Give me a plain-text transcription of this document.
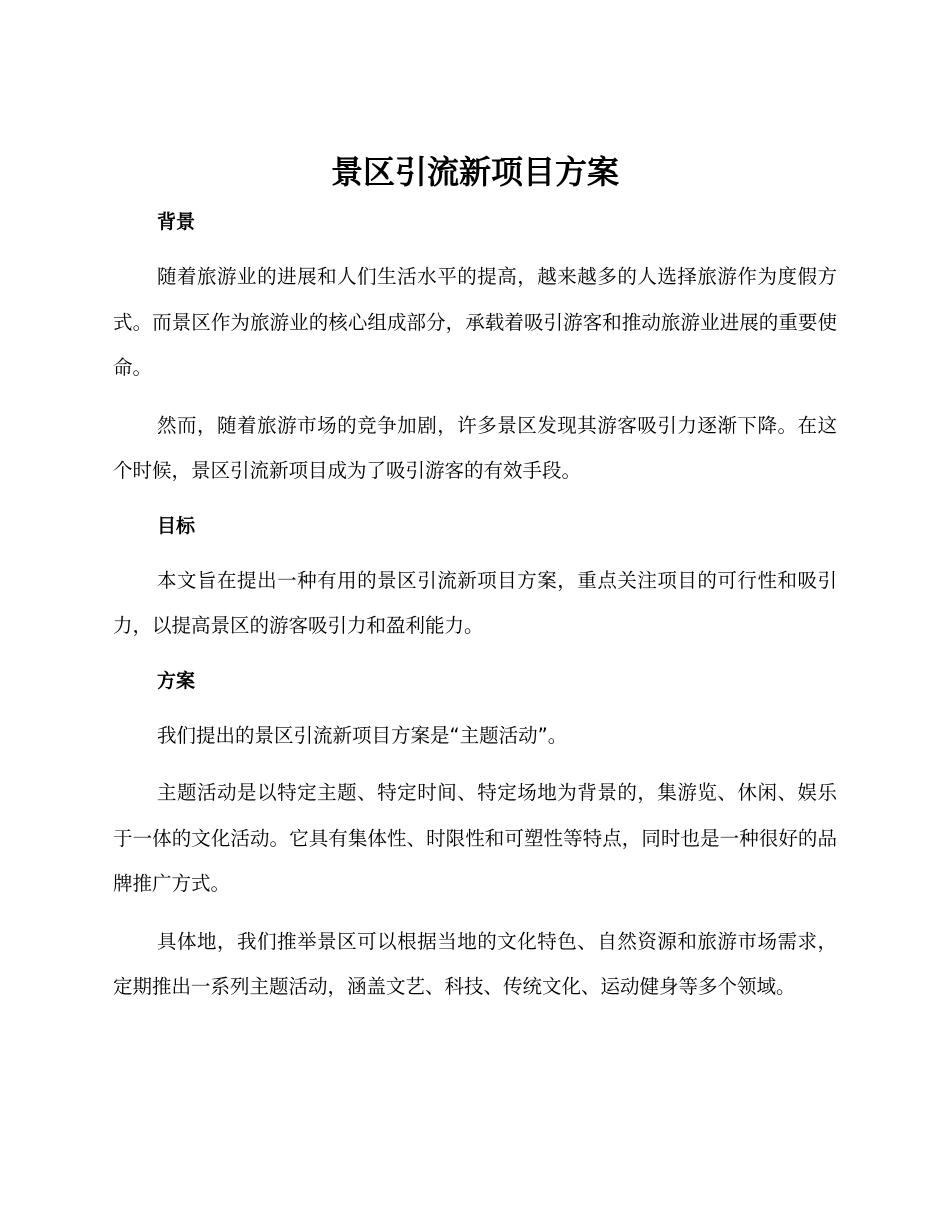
景区引流新项目方案

背景

随着旅游业的进展和人们生活水平的提高，越来越多的人选择旅游作为度假方式。而景区作为旅游业的核心组成部分，承载着吸引游客和推动旅游业进展的重要使命。

然而，随着旅游市场的竞争加剧，许多景区发现其游客吸引力逐渐下降。在这个时候，景区引流新项目成为了吸引游客的有效手段。

目标

本文旨在提出一种有用的景区引流新项目方案，重点关注项目的可行性和吸引力，以提高景区的游客吸引力和盈利能力。

方案

我们提出的景区引流新项目方案是“主题活动”。

主题活动是以特定主题、特定时间、特定场地为背景的，集游览、休闲、娱乐于一体的文化活动。它具有集体性、时限性和可塑性等特点，同时也是一种很好的品牌推广方式。

具体地，我们推举景区可以根据当地的文化特色、自然资源和旅游市场需求，定期推出一系列主题活动，涵盖文艺、科技、传统文化、运动健身等多个领域。
